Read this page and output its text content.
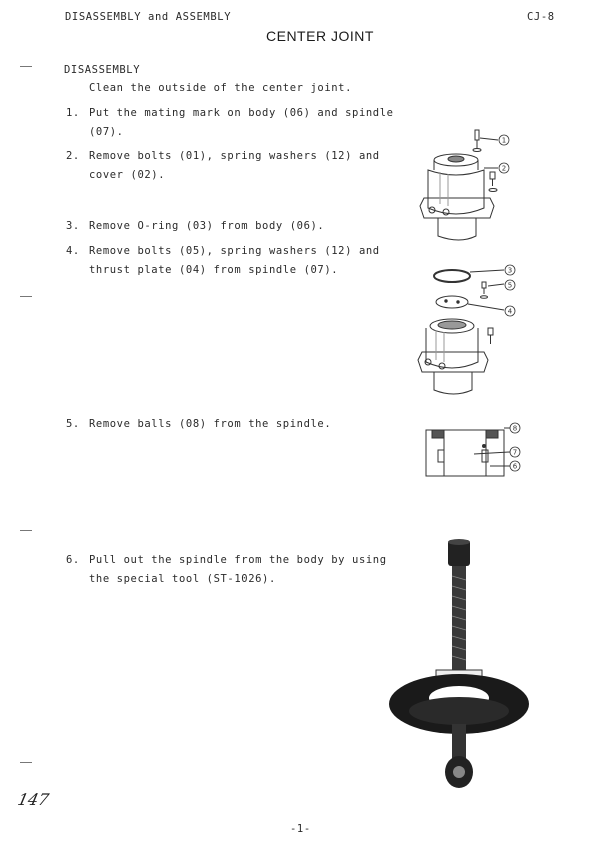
DISASSEMBLY and ASSEMBLY	CJ-8
CENTER JOINT
DISASSEMBLY
Clean the outside of the center joint.
1. Put the mating mark on body (06) and spindle
(07).
2. Remove bolts (01), spring washers (12) and
cover (02).
3. Remove O-ring (03) from body (06).
4. Remove bolts (05), spring washers (12) and
thrust plate (04) from spindle (07).
5. Remove balls (08) from the spindle.
6. Pull out the spindle from the body by using
the special tool (ST-1026).
147
-1-
1
2
3
5
4
8
7
6
